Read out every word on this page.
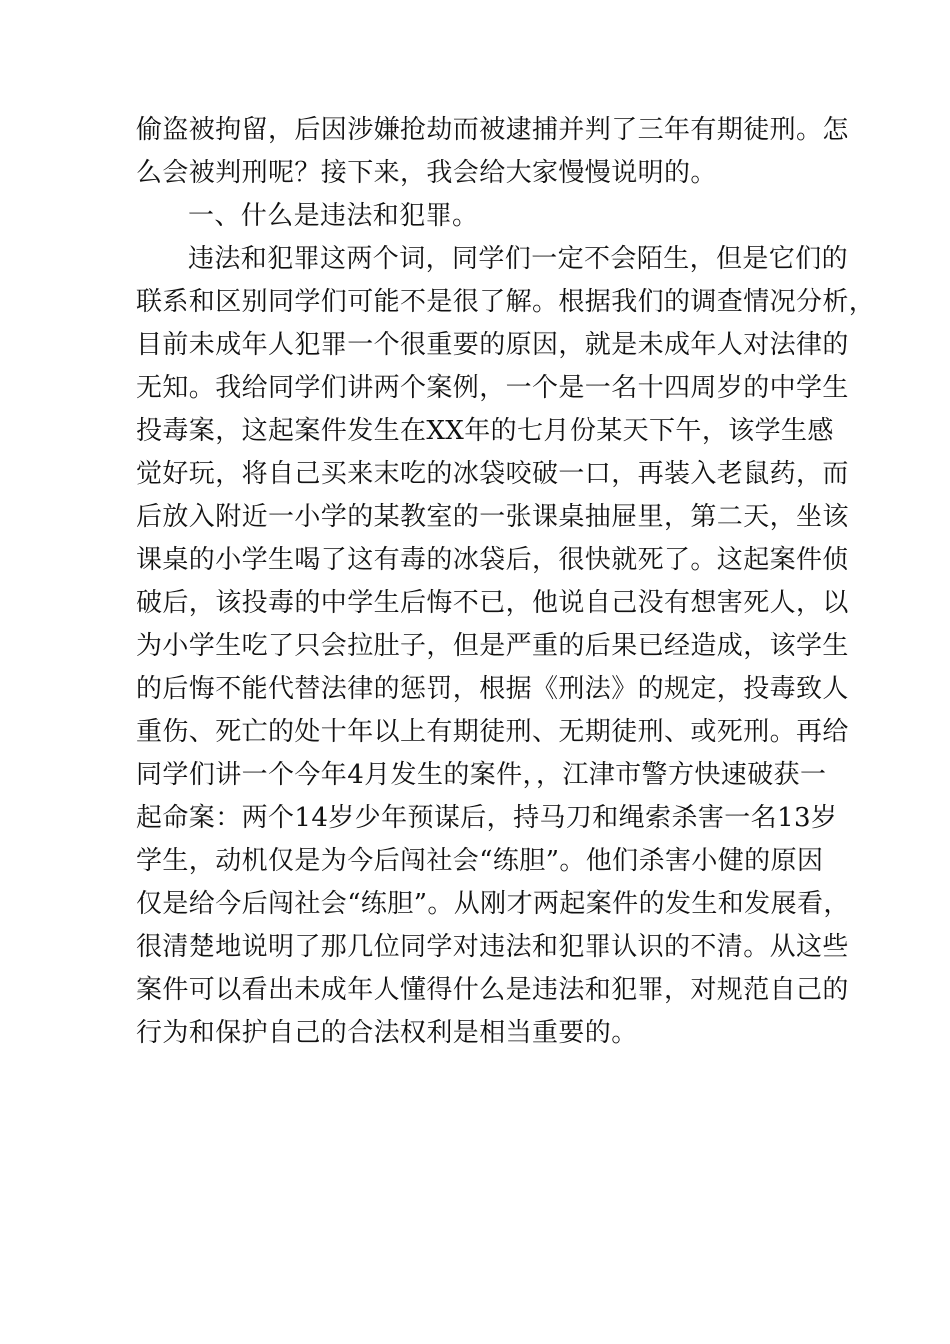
偷盗被拘留，后因涉嫌抢劫而被逮捕并判了三年有期徒刑。怎
么会被判刑呢？接下来，我会给大家慢慢说明的。
一、什么是违法和犯罪。
违法和犯罪这两个词，同学们一定不会陌生，但是它们的
联系和区别同学们可能不是很了解。根据我们的调查情况分析，
目前未成年人犯罪一个很重要的原因，就是未成年人对法律的
无知。我给同学们讲两个案例，一个是一名十四周岁的中学生
投毒案，这起案件发生在XX年的七月份某天下午，该学生感
觉好玩，将自己买来末吃的冰袋咬破一口，再装入老鼠药，而
后放入附近一小学的某教室的一张课桌抽屉里，第二天，坐该
课桌的小学生喝了这有毒的冰袋后，很快就死了。这起案件侦
破后，该投毒的中学生后悔不已，他说自己没有想害死人，以
为小学生吃了只会拉肚子，但是严重的后果已经造成，该学生
的后悔不能代替法律的惩罚，根据《刑法》的规定，投毒致人
重伤、死亡的处十年以上有期徒刑、无期徒刑、或死刑。再给
同学们讲一个今年4月发生的案件，，江津市警方快速破获一
起命案：两个14岁少年预谋后，持马刀和绳索杀害一名13岁
学生，动机仅是为今后闯社会“练胆”。他们杀害小健的原因
仅是给今后闯社会“练胆”。从刚才两起案件的发生和发展看，
很清楚地说明了那几位同学对违法和犯罪认识的不清。从这些
案件可以看出未成年人懂得什么是违法和犯罪，对规范自己的
行为和保护自己的合法权利是相当重要的。
